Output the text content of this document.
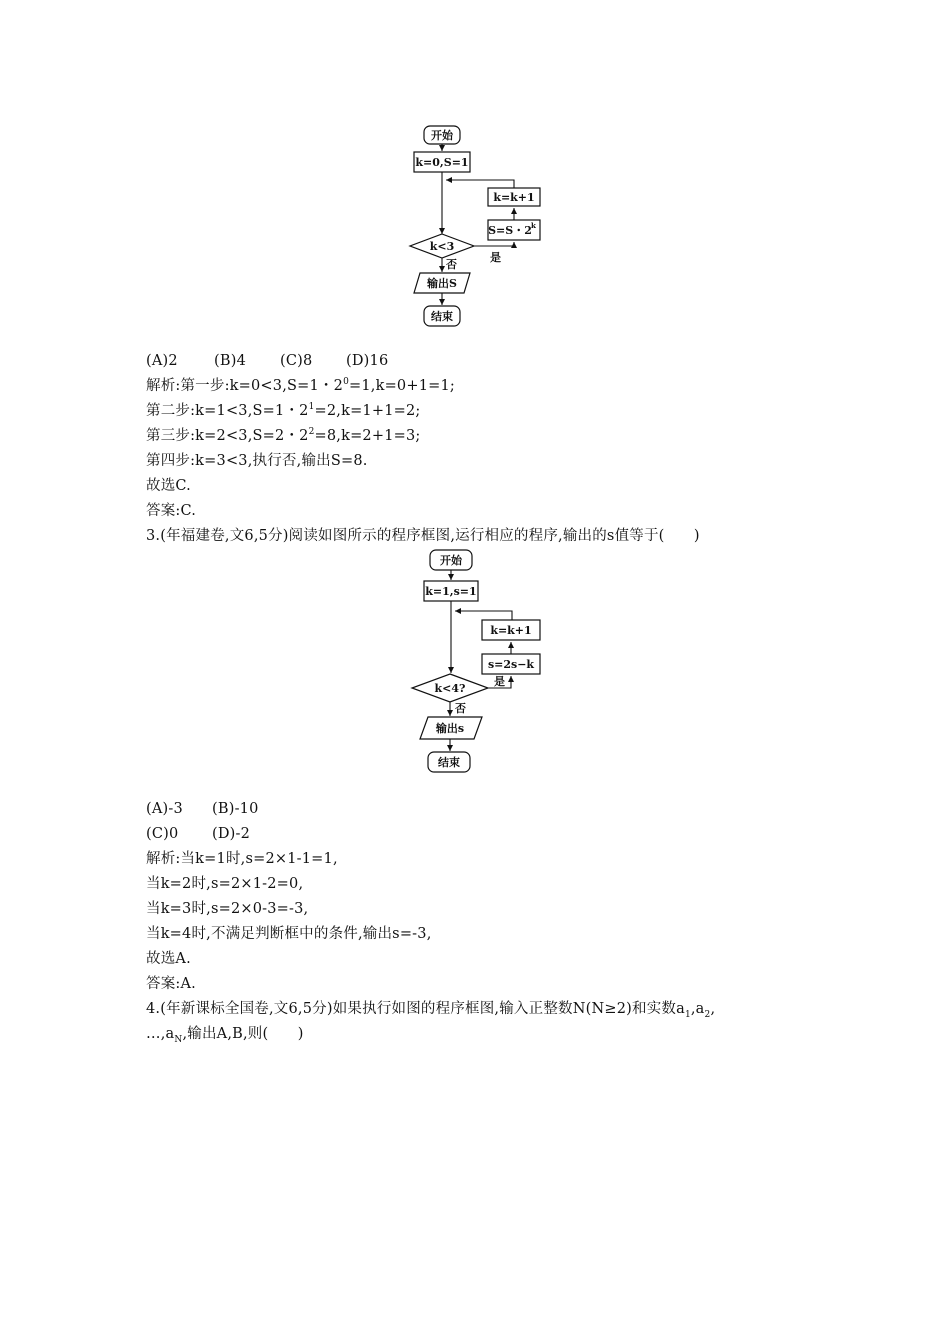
开始
k=0,S=1
k=k+1
S=S・2 k
k<3
是
否
输出S
结束
(A)2 (B)4 (C)8 (D)16
解析:第一步:k=0<3,S=1・$2^0=1,k=0+1=1$;
第二步:k=1<3,S=1・$2^1=2,k=1+1=2$;
第三步:k=2<3,S=2・$2^2=8,k=2+1=3$;
第四步:k=3<3,执行否,输出S=8.
故选C.
答案:C.
3.(年福建卷,文6,5分)阅读如图所示的程序框图,运行相应的程序,输出的s值等于(　　)
开始
k=1,s=1
k=k+1
s=2s−k
k<4?
是
否
输出s
结束
(A)-3 (B)-10
(C)0 (D)-2
解析:当k=1时,s=2×1-1=1,
当k=2时,s=2×1-2=0,
当k=3时,s=2×0-3=-3,
当k=4时,不满足判断框中的条件,输出s=-3,
故选A.
答案:A.
4.(年新课标全国卷,文6,5分)如果执行如图的程序框图,输入正整数N(N≥2)和实数$a_1,a_2$,
$\dots,a_N$,输出A,B,则(　　)
